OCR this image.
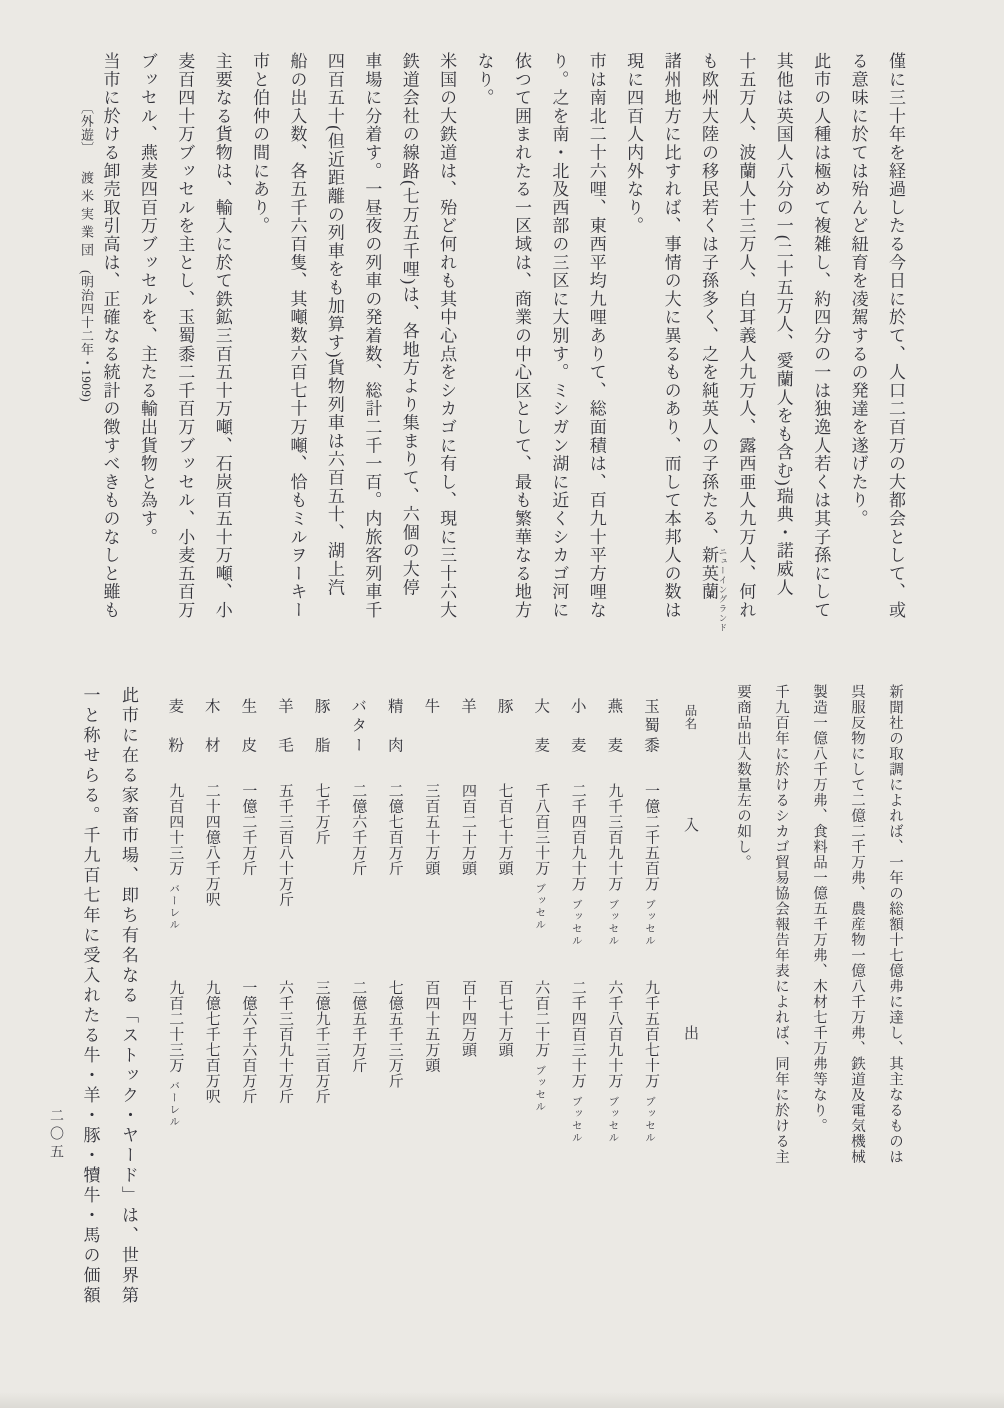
僅に三十年を経過したる今日に於て、人口二百万の大都会として、或

る意味に於ては殆んど紐育を凌駕するの発達を遂げたり。

此市の人種は極めて複雑し、約四分の一は独逸人若くは其子孫にして

其他は英国人八分の一(二十五万人、愛蘭人をも含む)瑞典・諾威人

十五万人、波蘭人十三万人、白耳義人九万人、露西亜人九万人、何れ

も欧州大陸の移民若くは子孫多く、之を純英人の子孫たる、新英蘭

諸州地方に比すれば、事情の大に異るものあり、而して本邦人の数は

現に四百人内外なり。

市は南北二十六哩、東西平均九哩ありて、総面積は、百九十平方哩な

り。之を南・北及西部の三区に大別す。ミシガン湖に近くシカゴ河に

依つて囲まれたる一区域は、商業の中心区として、最も繁華なる地方

なり。

米国の大鉄道は、殆ど何れも其中心点をシカゴに有し、現に三十六大

鉄道会社の線路(七万五千哩)は、各地方より集まりて、六個の大停

車場に分着す。一昼夜の列車の発着数、総計二千一百。内旅客列車千

四百五十(但近距離の列車をも加算す)貨物列車は六百五十、湖上汽

船の出入数、各五千六百隻、其噸数六百七十万噸、恰もミルヲーキー

市と伯仲の間にあり。

主要なる貨物は、輸入に於て鉄鉱三百五十万噸、石炭百五十万噸、小

麦百四十万ブッセルを主とし、玉蜀黍二千百万ブッセル、小麦五百万

ブッセル、燕麦四百万ブッセルを、主たる輸出貨物と為す。

当市に於ける卸売取引高は、正確なる統計の徴すべきものなしと雖も	ニューイングランド
〔外遊〕渡米実業団(明治四十二年・1909)

新聞社の取調によれば、一年の総額十七億弗に達し、其主なるものは

呉服反物にして二億二千万弗、農産物一億八千万弗、鉄道及電気機械

製造一億八千万弗、食料品一億五千万弗、木材七千万弗等なり。

千九百年に於けるシカゴ貿易協会報告年表によれば、同年に於ける主

要商品出入数量左の如し。

品名
入
出
玉
蜀
黍
一億二千五百万ブッセル
九千五百七十万ブッセル
燕
麦
九千三百九十万ブッセル
六千八百九十万ブッセル
小
麦
二千四百九十万ブッセル
二千四百三十万ブッセル
大
麦
千八百三十万ブッセル
六百二十万ブッセル
豚
七百七十万頭
百七十万頭
羊
四百二十万頭
百十四万頭
牛
三百五十万頭
百四十五万頭
精
肉
二億七百万斤
七億五千三万斤
バ
タ
ー
二億六千万斤
二億五千万斤
豚
脂
七千万斤
三億九千三百万斤
羊
毛
五千三百八十万斤
六千三百九十万斤
生
皮
一億二千万斤
一億六千六百万斤
木
材
二十四億八千万呎
九億七千七百万呎
麦
粉
九百四十三万バーレル
九百二十三万バーレル

此市に在る家畜市場、即ち有名なる「ストック・ヤード」は、世界第

一と称せらる。千九百七年に受入れたる牛・羊・豚・犢牛・馬の価額

二〇五
